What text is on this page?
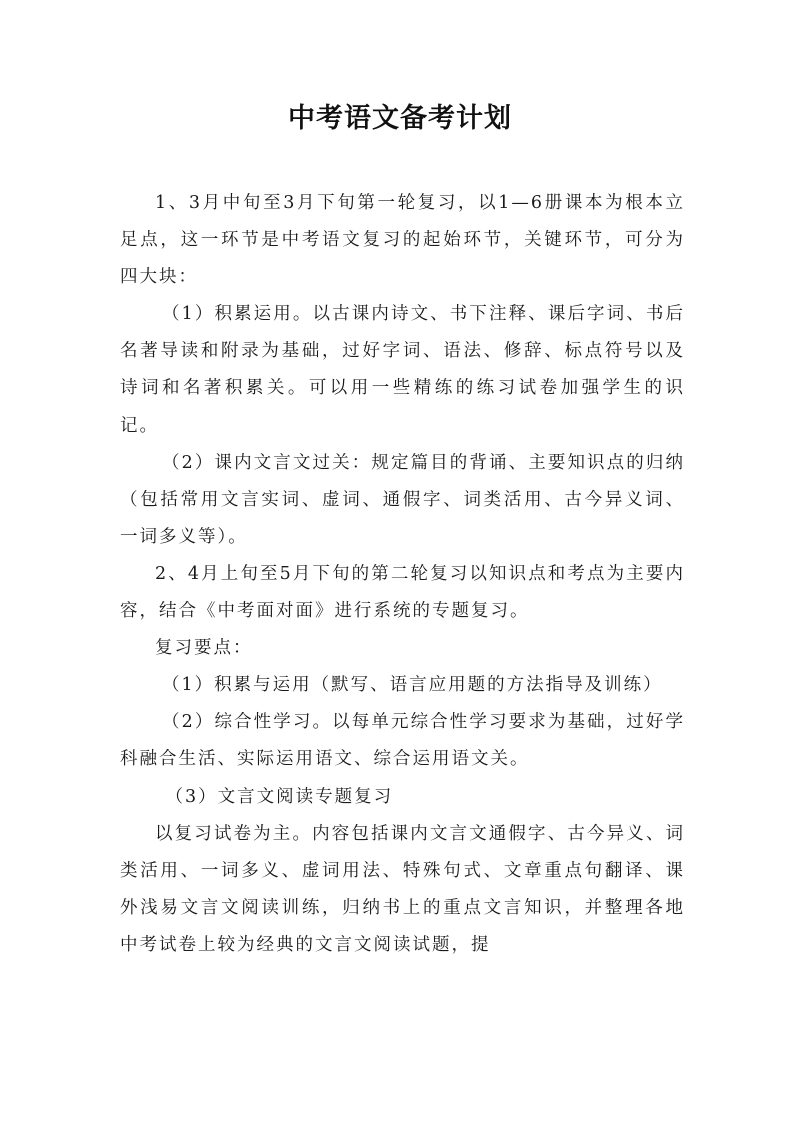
中考语文备考计划

1、3月中旬至3月下旬第一轮复习，以1—6册课本为根本立足点，这一环节是中考语文复习的起始环节，关键环节，可分为四大块：

（1）积累运用。以古课内诗文、书下注释、课后字词、书后名著导读和附录为基础，过好字词、语法、修辞、标点符号以及诗词和名著积累关。可以用一些精练的练习试卷加强学生的识记。

（2）课内文言文过关：规定篇目的背诵、主要知识点的归纳（包括常用文言实词、虚词、通假字、词类活用、古今异义词、一词多义等）。

2、4月上旬至5月下旬的第二轮复习以知识点和考点为主要内容，结合《中考面对面》进行系统的专题复习。

复习要点：

（1）积累与运用（默写、语言应用题的方法指导及训练）

（2）综合性学习。以每单元综合性学习要求为基础，过好学科融合生活、实际运用语文、综合运用语文关。

（3）文言文阅读专题复习

以复习试卷为主。内容包括课内文言文通假字、古今异义、词类活用、一词多义、虚词用法、特殊句式、文章重点句翻译、课外浅易文言文阅读训练，归纳书上的重点文言知识，并整理各地中考试卷上较为经典的文言文阅读试题，提
